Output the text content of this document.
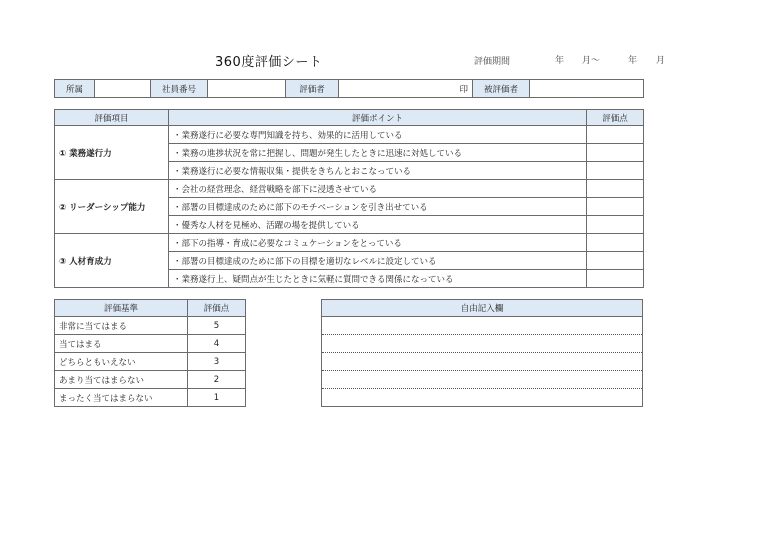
360度評価シート	評価期間	年 月～	年 月
所属		社員番号		評価者	印	被評価者	
評価項目	評価ポイント	評価点
① 業務遂行力	・業務遂行に必要な専門知識を持ち、効果的に活用している	
	・業務の進捗状況を常に把握し、問題が発生したときに迅速に対処している	
	・業務遂行に必要な情報収集・提供をきちんとおこなっている	
② リーダーシップ能力	・会社の経営理念、経営戦略を部下に浸透させている	
	・部署の目標達成のために部下のモチベーションを引き出せている	
	・優秀な人材を見極め、活躍の場を提供している	
③ 人材育成力	・部下の指導・育成に必要なコミュケーションをとっている	
	・部署の目標達成のために部下の目標を適切なレベルに設定している	
	・業務遂行上、疑問点が生じたときに気軽に質問できる関係になっている	
評価基準	評価点
非常に当てはまる	5
当てはまる	4
どちらともいえない	3
あまり当てはまらない	2
まったく当てはまらない	1
自由記入欄
